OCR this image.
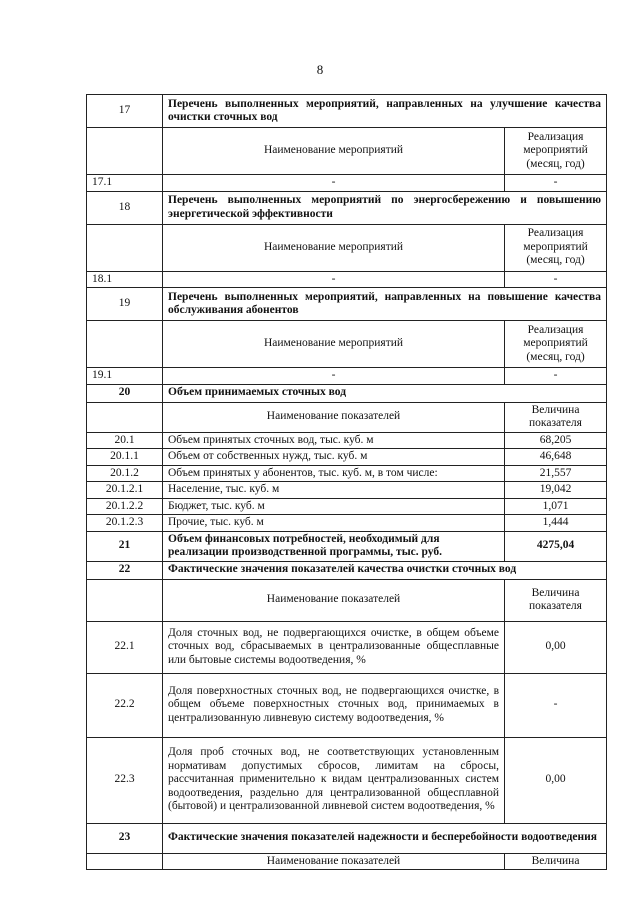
8
17	Перечень выполненных мероприятий, направленных на улучшение качества очистки сточных вод	
	Наименование мероприятий	Реализация мероприятий (месяц, год)
17.1	-	-
18	Перечень выполненных мероприятий по энергосбережению и повышению энергетической эффективности	
	Наименование мероприятий	Реализация мероприятий (месяц, год)
18.1	-	-
19	Перечень выполненных мероприятий, направленных на повышение качества обслуживания абонентов	
	Наименование мероприятий	Реализация мероприятий (месяц, год)
19.1	-	-
20	Объем принимаемых сточных вод	
	Наименование показателей	Величина показателя
20.1	Объем принятых сточных вод, тыс. куб. м	68,205
20.1.1	Объем от собственных нужд, тыс. куб. м	46,648
20.1.2	Объем принятых у абонентов, тыс. куб. м, в том числе:	21,557
20.1.2.1	Население, тыс. куб. м	19,042
20.1.2.2	Бюджет, тыс. куб. м	1,071
20.1.2.3	Прочие, тыс. куб. м	1,444
21	Объем финансовых потребностей, необходимый для реализации производственной программы, тыс. руб.	4275,04
22	Фактические значения показателей качества очистки сточных вод	
	Наименование показателей	Величина показателя
22.1	Доля сточных вод, не подвергающихся очистке, в общем объеме сточных вод, сбрасываемых в централизованные общесплавные или бытовые системы водоотведения, %	0,00
22.2	Доля поверхностных сточных вод, не подвергающихся очистке, в общем объеме поверхностных сточных вод, принимаемых в централизованную ливневую систему водоотведения, %	-
22.3	Доля проб сточных вод, не соответствующих установленным нормативам допустимых сбросов, лимитам на сбросы, рассчитанная применительно к видам централизованных систем водоотведения, раздельно для централизованной общесплавной (бытовой) и централизованной ливневой систем водоотведения, %	0,00
23	Фактические значения показателей надежности и бесперебойности водоотведения	
	Наименование показателей	Величина
